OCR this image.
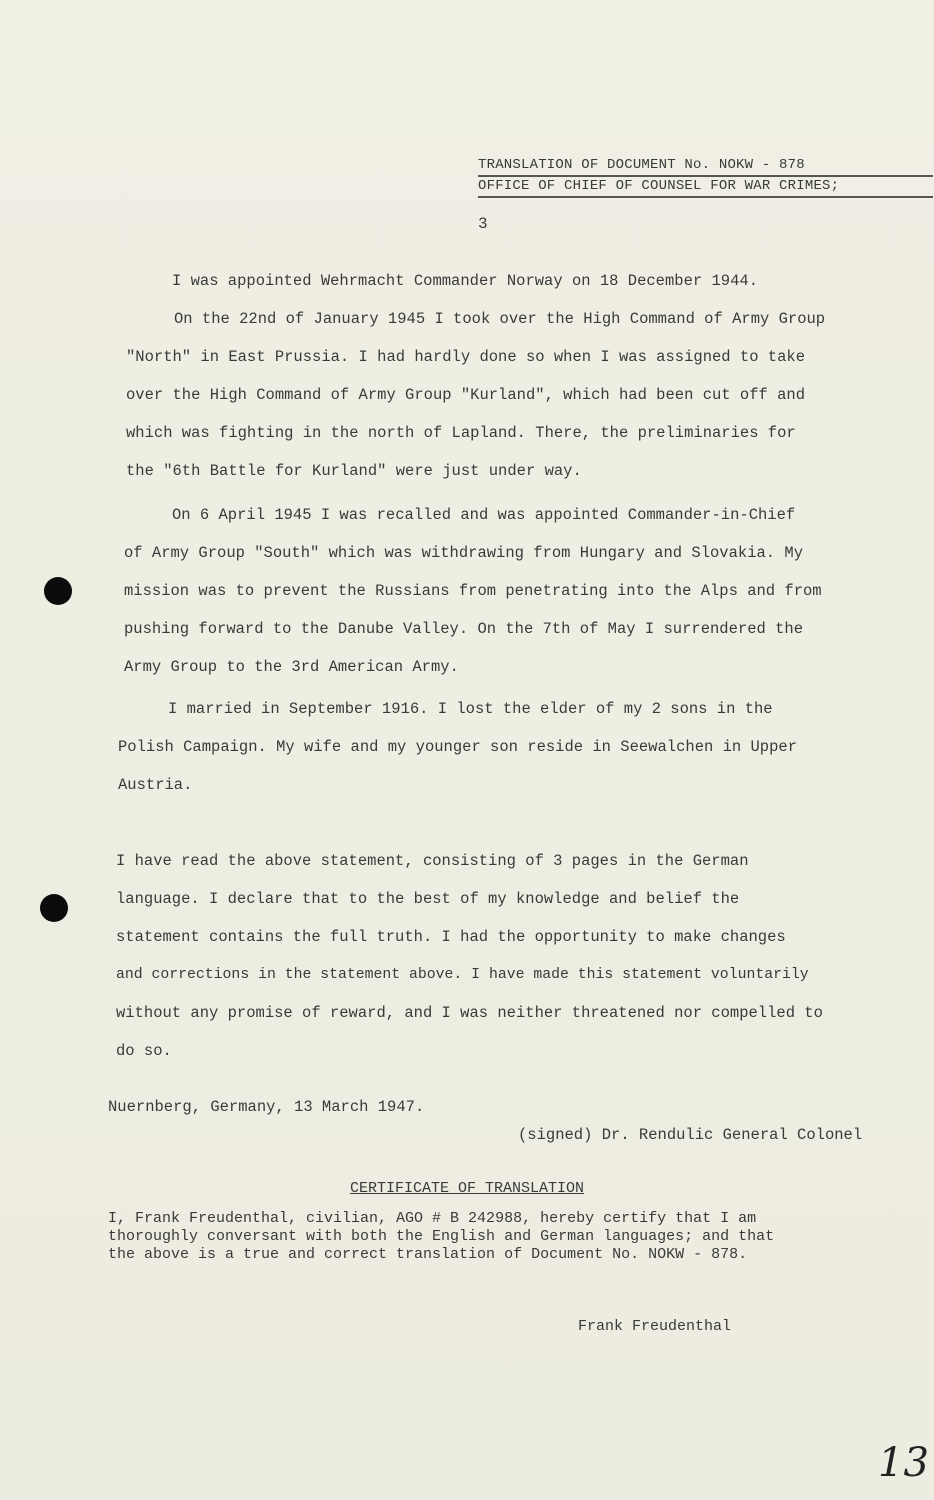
TRANSLATION OF DOCUMENT No. NOKW - 878
OFFICE OF CHIEF OF COUNSEL FOR WAR CRIMES;
3
I was appointed Wehrmacht Commander Norway on 18 December 1944.
On the 22nd of January 1945 I took over the High Command of Army Group
"North" in East Prussia. I had hardly done so when I was assigned to take
over the High Command of Army Group "Kurland", which had been cut off and
which was fighting in the north of Lapland. There, the preliminaries for
the "6th Battle for Kurland" were just under way.
On 6 April 1945 I was recalled and was appointed Commander-in-Chief
of Army Group "South" which was withdrawing from Hungary and Slovakia. My
mission was to prevent the Russians from penetrating into the Alps and from
pushing forward to the Danube Valley. On the 7th of May I surrendered the
Army Group to the 3rd American Army.
I married in September 1916. I lost the elder of my 2 sons in the
Polish Campaign. My wife and my younger son reside in Seewalchen in Upper
Austria.
I have read the above statement, consisting of 3 pages in the German
language. I declare that to the best of my knowledge and belief the
statement contains the full truth. I had the opportunity to make changes
and corrections in the statement above. I have made this statement voluntarily
without any promise of reward, and I was neither threatened nor compelled to
do so.
Nuernberg, Germany, 13 March 1947.
(signed) Dr. Rendulic General Colonel
CERTIFICATE OF TRANSLATION
I, Frank Freudenthal, civilian, AGO # B 242988, hereby certify that I am
thoroughly conversant with both the English and German languages; and that
the above is a true and correct translation of Document No. NOKW - 878.
Frank Freudenthal
13
